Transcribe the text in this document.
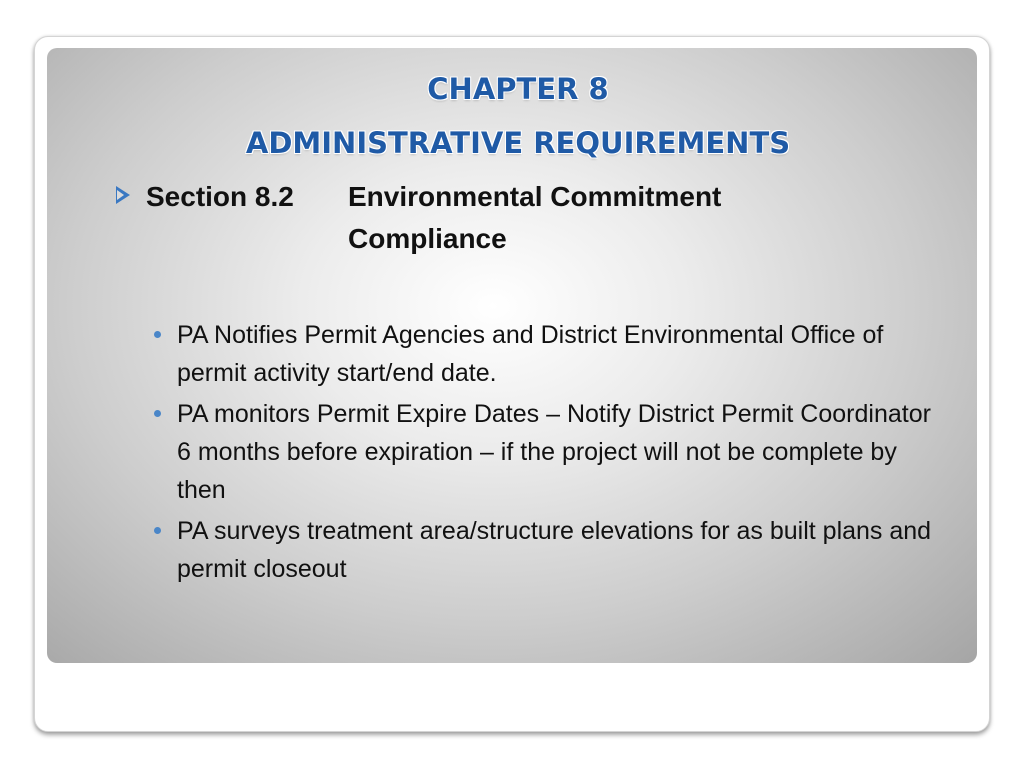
CHAPTER 8
ADMINISTRATIVE REQUIREMENTS
Section 8.2 Environmental Commitment Compliance
PA Notifies Permit Agencies and District Environmental Office of permit activity start/end date.
PA monitors Permit Expire Dates – Notify District Permit Coordinator 6 months before expiration – if the project will not be complete by then
PA surveys treatment area/structure elevations for as built plans and permit closeout
